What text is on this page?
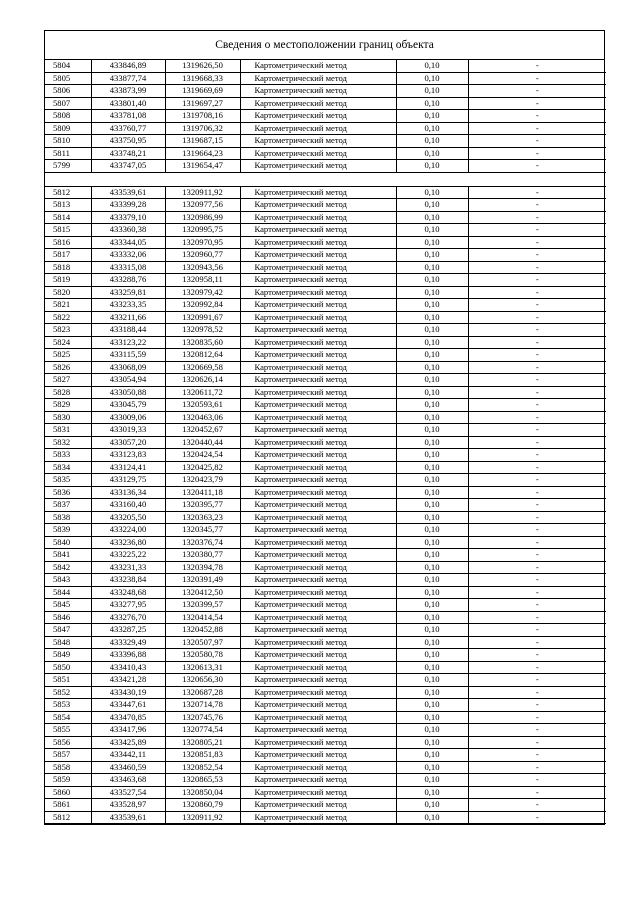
Сведения о местоположении границ объекта
5804	433846,89	1319626,50	Картометрический метод	0,10	-
5805	433877,74	1319668,33	Картометрический метод	0,10	-
5806	433873,99	1319669,69	Картометрический метод	0,10	-
5807	433801,40	1319697,27	Картометрический метод	0,10	-
5808	433781,08	1319708,16	Картометрический метод	0,10	-
5809	433760,77	1319706,32	Картометрический метод	0,10	-
5810	433750,95	1319687,15	Картометрический метод	0,10	-
5811	433748,21	1319664,23	Картометрический метод	0,10	-
5799	433747,05	1319654,47	Картометрический метод	0,10	-

5812	433539,61	1320911,92	Картометрический метод	0,10	-
5813	433399,28	1320977,56	Картометрический метод	0,10	-
5814	433379,10	1320986,99	Картометрический метод	0,10	-
5815	433360,38	1320995,75	Картометрический метод	0,10	-
5816	433344,05	1320970,95	Картометрический метод	0,10	-
5817	433332,06	1320960,77	Картометрический метод	0,10	-
5818	433315,08	1320943,56	Картометрический метод	0,10	-
5819	433288,76	1320958,11	Картометрический метод	0,10	-
5820	433259,81	1320979,42	Картометрический метод	0,10	-
5821	433233,35	1320992,84	Картометрический метод	0,10	-
5822	433211,66	1320991,67	Картометрический метод	0,10	-
5823	433188,44	1320978,52	Картометрический метод	0,10	-
5824	433123,22	1320835,60	Картометрический метод	0,10	-
5825	433115,59	1320812,64	Картометрический метод	0,10	-
5826	433068,09	1320669,58	Картометрический метод	0,10	-
5827	433054,94	1320626,14	Картометрический метод	0,10	-
5828	433050,88	1320611,72	Картометрический метод	0,10	-
5829	433045,79	1320593,61	Картометрический метод	0,10	-
5830	433009,06	1320463,06	Картометрический метод	0,10	-
5831	433019,33	1320452,67	Картометрический метод	0,10	-
5832	433057,20	1320440,44	Картометрический метод	0,10	-
5833	433123,83	1320424,54	Картометрический метод	0,10	-
5834	433124,41	1320425,82	Картометрический метод	0,10	-
5835	433129,75	1320423,79	Картометрический метод	0,10	-
5836	433136,34	1320411,18	Картометрический метод	0,10	-
5837	433160,40	1320395,77	Картометрический метод	0,10	-
5838	433205,50	1320363,23	Картометрический метод	0,10	-
5839	433224,00	1320345,77	Картометрический метод	0,10	-
5840	433236,80	1320376,74	Картометрический метод	0,10	-
5841	433225,22	1320380,77	Картометрический метод	0,10	-
5842	433231,33	1320394,78	Картометрический метод	0,10	-
5843	433238,84	1320391,49	Картометрический метод	0,10	-
5844	433248,68	1320412,50	Картометрический метод	0,10	-
5845	433277,95	1320399,57	Картометрический метод	0,10	-
5846	433276,70	1320414,54	Картометрический метод	0,10	-
5847	433287,25	1320452,88	Картометрический метод	0,10	-
5848	433329,49	1320507,97	Картометрический метод	0,10	-
5849	433396,88	1320580,78	Картометрический метод	0,10	-
5850	433410,43	1320613,31	Картометрический метод	0,10	-
5851	433421,28	1320656,30	Картометрический метод	0,10	-
5852	433430,19	1320687,28	Картометрический метод	0,10	-
5853	433447,61	1320714,78	Картометрический метод	0,10	-
5854	433470,85	1320745,76	Картометрический метод	0,10	-
5855	433417,96	1320774,54	Картометрический метод	0,10	-
5856	433425,89	1320805,21	Картометрический метод	0,10	-
5857	433442,11	1320851,83	Картометрический метод	0,10	-
5858	433460,59	1320852,54	Картометрический метод	0,10	-
5859	433463,68	1320865,53	Картометрический метод	0,10	-
5860	433527,54	1320850,04	Картометрический метод	0,10	-
5861	433528,97	1320860,79	Картометрический метод	0,10	-
5812	433539,61	1320911,92	Картометрический метод	0,10	-
